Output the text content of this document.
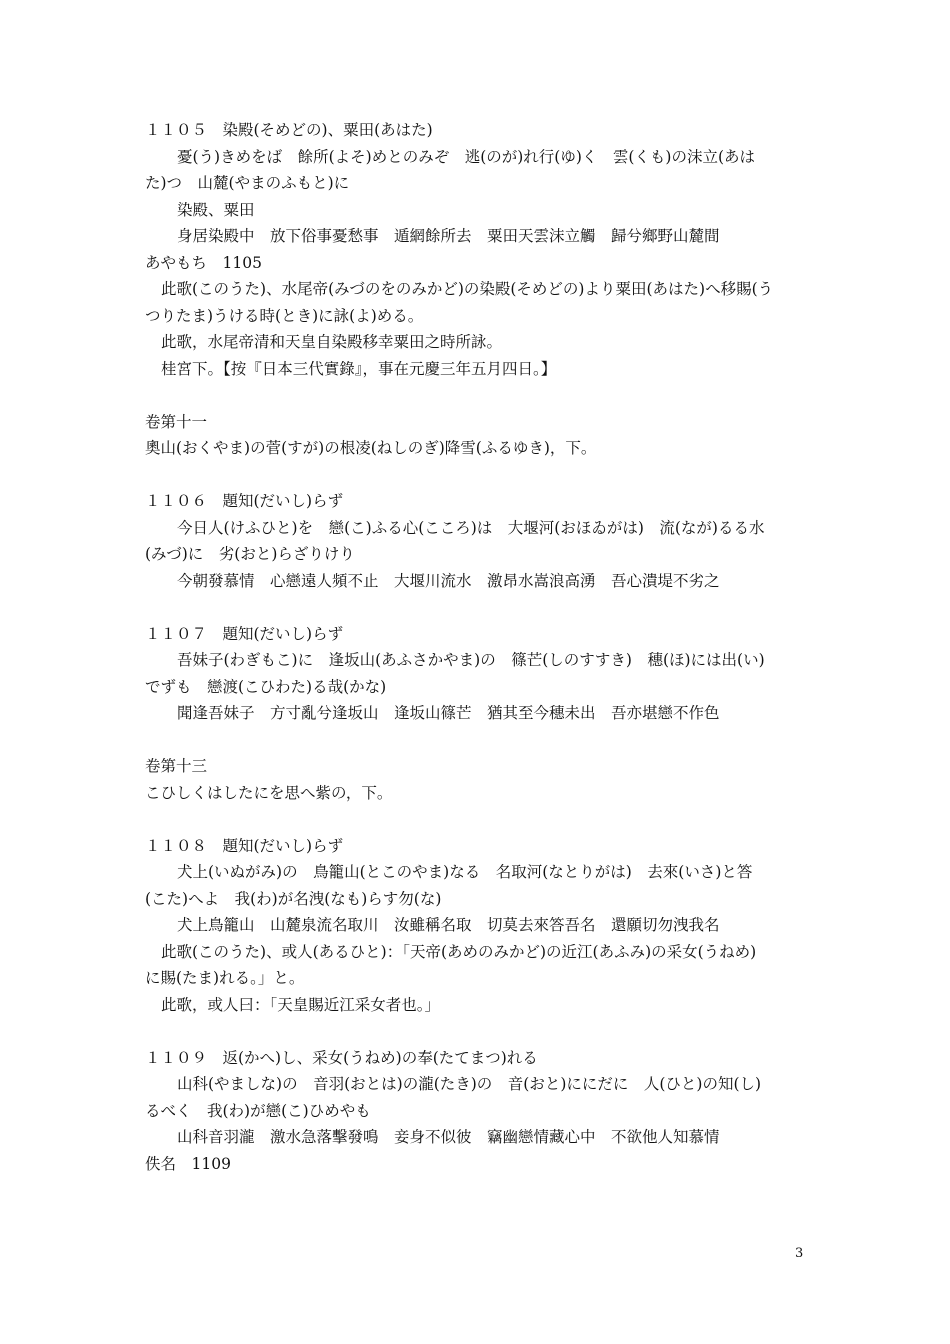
１１０５　染殿(そめどの)、粟田(あはた)
憂(う)きめをば　餘所(よそ)めとのみぞ　逃(のが)れ行(ゆ)く　雲(くも)の沫立(あは
た)つ　山麓(やまのふもと)に
染殿、粟田
身居染殿中　放下俗事憂愁事　遁網餘所去　粟田天雲沫立觸　歸兮鄉野山麓間
あやもち　1105
此歌(このうた)、水尾帝(みづのをのみかど)の染殿(そめどの)より粟田(あはた)へ移賜(う
つりたま)うける時(とき)に詠(よ)める。
此歌，水尾帝清和天皇自染殿移幸粟田之時所詠。
桂宮下。【按『日本三代實錄』，事在元慶三年五月四日。】
卷第十一
奧山(おくやま)の菅(すが)の根凌(ねしのぎ)降雪(ふるゆき)，下。
１１０６　題知(だいし)らず
今日人(けふひと)を　戀(こ)ふる心(こころ)は　大堰河(おほゐがは)　流(なが)るる水
(みづ)に　劣(おと)らざりけり
今朝發慕情　心戀遠人頻不止　大堰川流水　激昂水嵩浪高湧　吾心潰堤不劣之
１１０７　題知(だいし)らず
吾妹子(わぎもこ)に　逢坂山(あふさかやま)の　篠芒(しのすすき)　穗(ほ)には出(い)
でずも　戀渡(こひわた)る哉(かな)
聞逢吾妹子　方寸亂兮逢坂山　逢坂山篠芒　猶其至今穗未出　吾亦堪戀不作色
卷第十三
こひしくはしたにを思へ紫の，下。
１１０８　題知(だいし)らず
犬上(いぬがみ)の　鳥籠山(とこのやま)なる　名取河(なとりがは)　去來(いさ)と答
(こた)へよ　我(わ)が名洩(なも)らす勿(な)
犬上鳥籠山　山麓泉流名取川　汝雖稱名取　切莫去來答吾名　還願切勿洩我名
此歌(このうた)、或人(あるひと)：「天帝(あめのみかど)の近江(あふみ)の采女(うねめ)
に賜(たま)れる。」と。
此歌，或人曰：「天皇賜近江采女者也。」
１１０９　返(かへ)し、采女(うねめ)の奉(たてまつ)れる
山科(やましな)の　音羽(おとは)の瀧(たき)の　音(おと)ににだに　人(ひと)の知(し)
るべく　我(わ)が戀(こ)ひめやも
山科音羽瀧　激水急落擊發鳴　妾身不似彼　竊幽戀情藏心中　不欲他人知慕情
佚名　1109
3
